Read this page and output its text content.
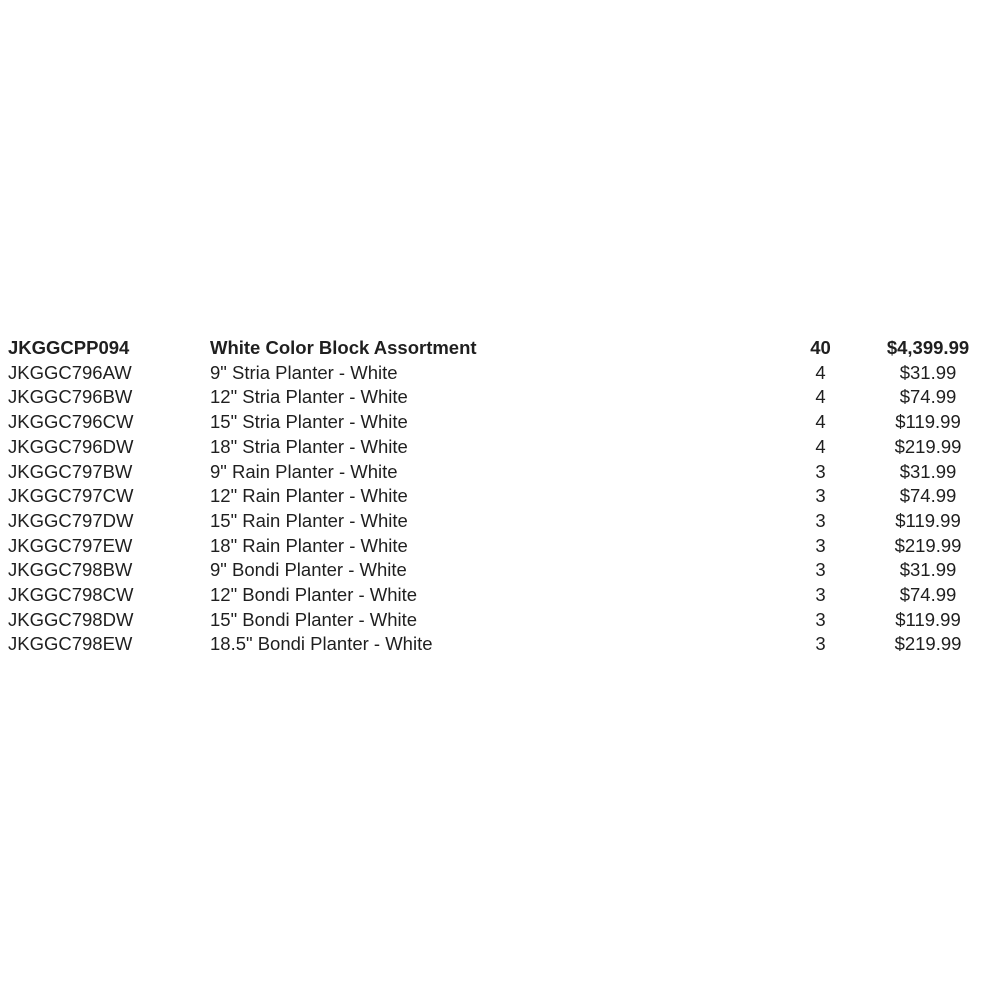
JKGGCPP094	White Color Block Assortment	40	$4,399.99
JKGGC796AW	9" Stria Planter - White	4	$31.99
JKGGC796BW	12" Stria Planter - White	4	$74.99
JKGGC796CW	15" Stria Planter - White	4	$119.99
JKGGC796DW	18" Stria Planter - White	4	$219.99
JKGGC797BW	9" Rain Planter - White	3	$31.99
JKGGC797CW	12" Rain Planter - White	3	$74.99
JKGGC797DW	15" Rain Planter - White	3	$119.99
JKGGC797EW	18" Rain Planter - White	3	$219.99
JKGGC798BW	9" Bondi Planter - White	3	$31.99
JKGGC798CW	12" Bondi Planter - White	3	$74.99
JKGGC798DW	15" Bondi Planter - White	3	$119.99
JKGGC798EW	18.5" Bondi Planter - White	3	$219.99
